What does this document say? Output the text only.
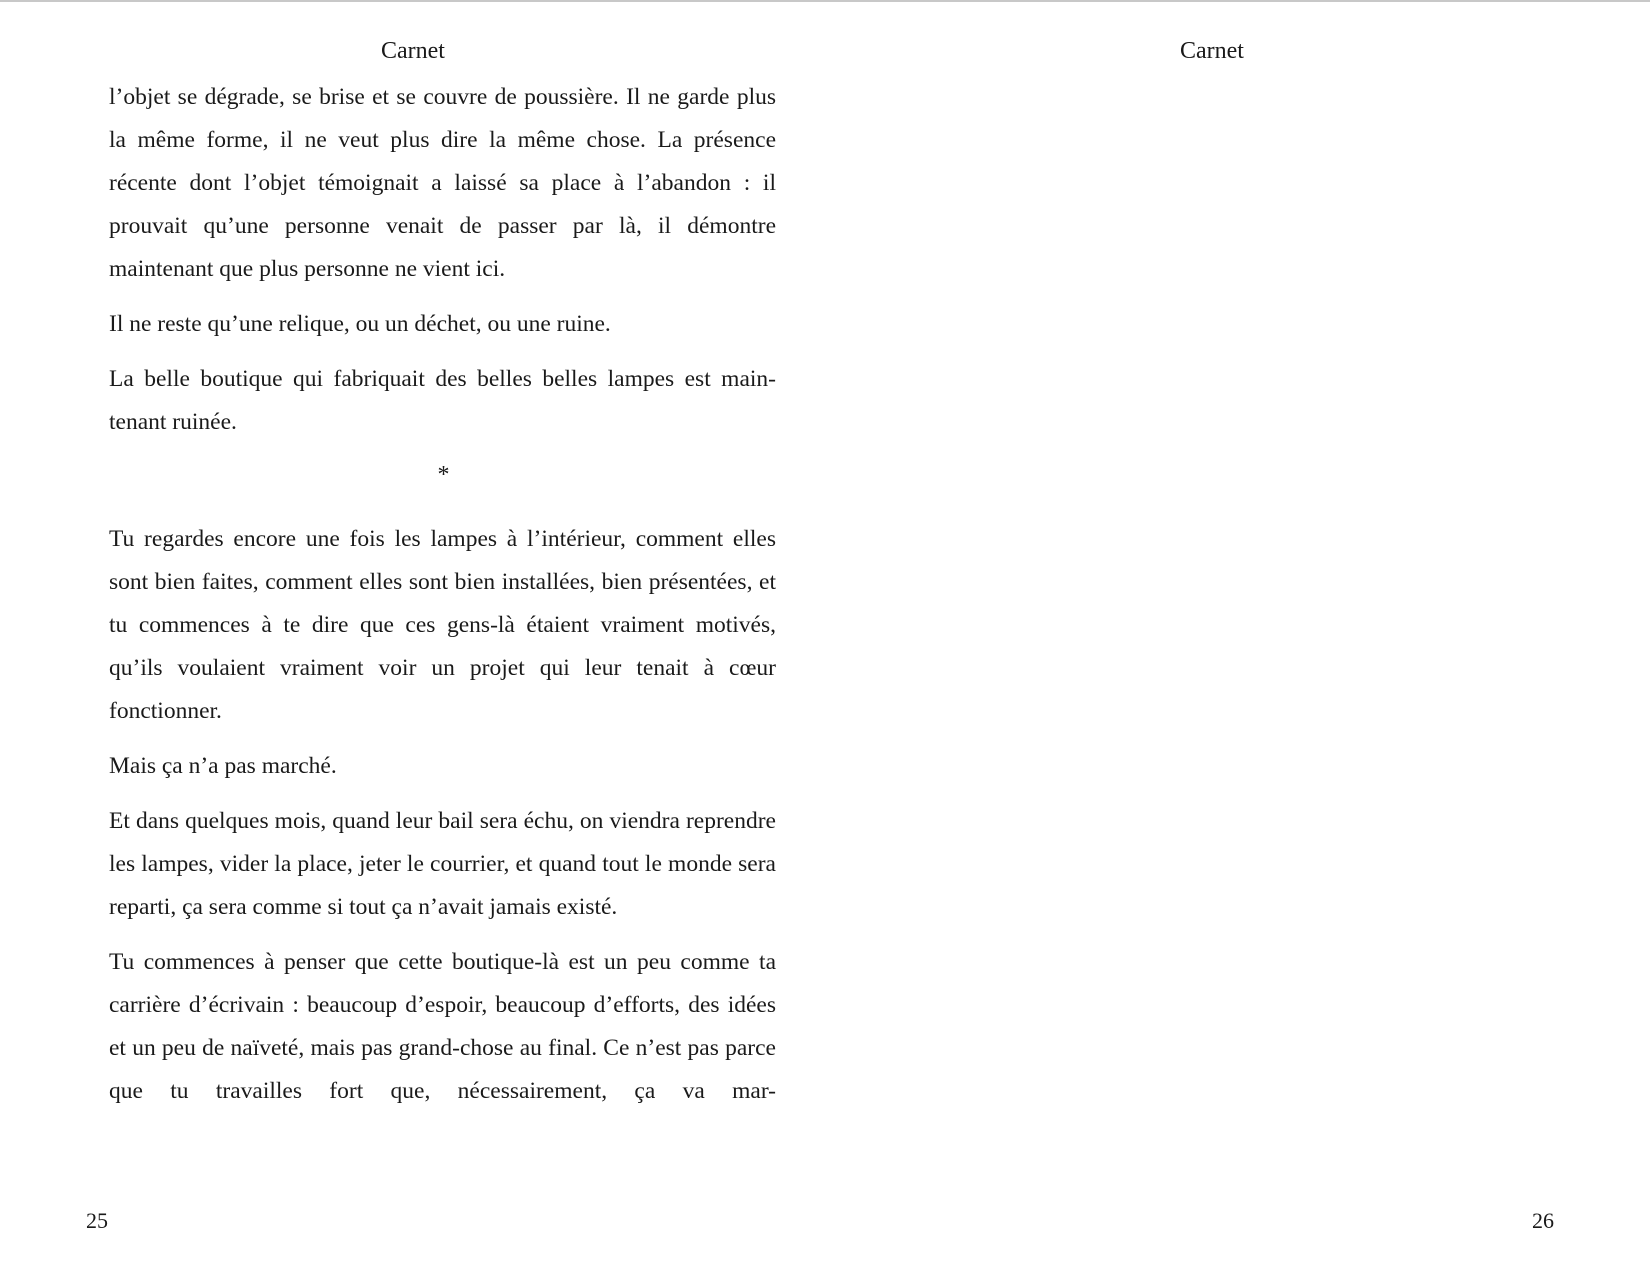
Carnet

l’objet se dégrade, se brise et se couvre de poussière. Il ne garde plus la même forme, il ne veut plus dire la même chose. La présence récente dont l’objet témoignait a laissé sa place à l’abandon : il prouvait qu’une personne venait de passer par là, il démontre maintenant que plus personne ne vient ici.

Il ne reste qu’une relique, ou un déchet, ou une ruine.

La belle boutique qui fabriquait des belles belles lampes est maintenant ruinée.

*

Tu regardes encore une fois les lampes à l’intérieur, comment elles sont bien faites, comment elles sont bien installées, bien présentées, et tu commences à te dire que ces gens-là étaient vraiment motivés, qu’ils voulaient vraiment voir un projet qui leur tenait à cœur fonctionner.

Mais ça n’a pas marché.

Et dans quelques mois, quand leur bail sera échu, on viendra reprendre les lampes, vider la place, jeter le courrier, et quand tout le monde sera reparti, ça sera comme si tout ça n’avait jamais existé.

Tu commences à penser que cette boutique-là est un peu comme ta carrière d’écrivain : beaucoup d’espoir, beaucoup d’efforts, des idées et un peu de naïveté, mais pas grand-chose au final. Ce n’est pas parce que tu travailles fort que, nécessairement, ça va mar-

25
Carnet
26
